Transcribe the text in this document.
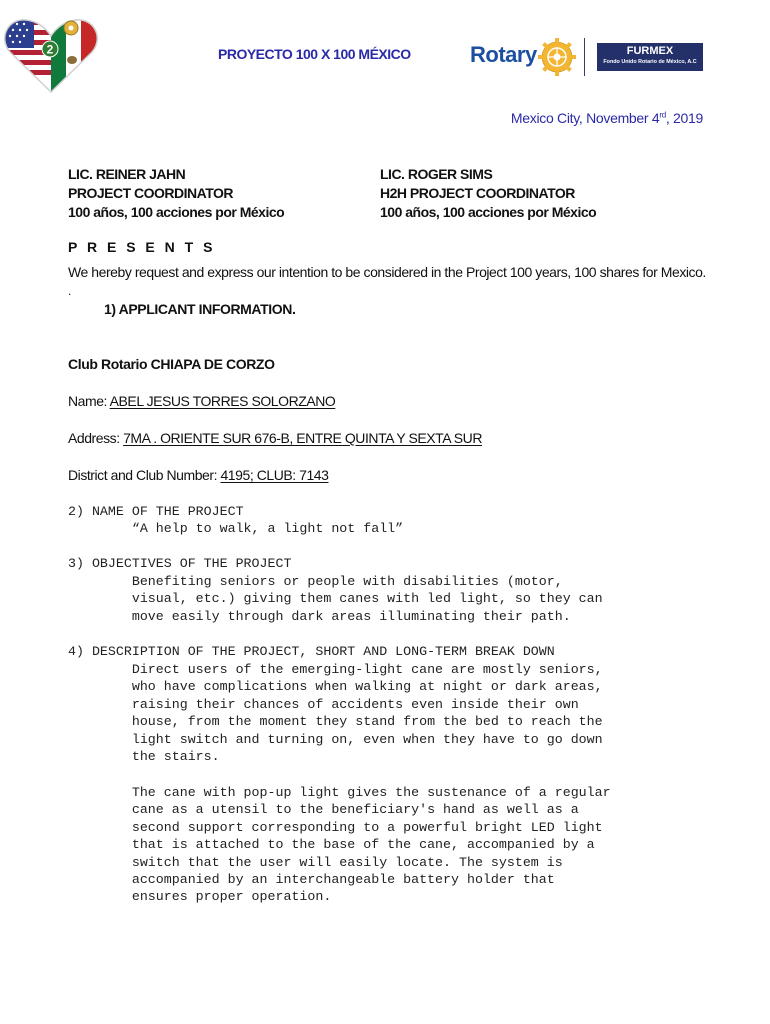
2	PROYECTO 100 X 100 MÉXICO	Rotary	FURMEX
Fondo Unido Rotario de México, A.C
Mexico City, November 4rd, 2019
LIC. REINER JAHN
PROJECT COORDINATOR
100 años, 100 acciones por México
LIC. ROGER SIMS
H2H PROJECT COORDINATOR
100 años, 100 acciones por México
P R E S E N T S
We hereby request and express our intention to be considered in the Project 100 years, 100 shares for Mexico.
.
1) APPLICANT INFORMATION.
Club Rotario CHIAPA DE CORZO
Name: ABEL JESUS TORRES SOLORZANO
Address: 7MA . ORIENTE SUR 676-B, ENTRE QUINTA Y SEXTA SUR
District and Club Number: 4195; CLUB: 7143
2) NAME OF THE PROJECT
“A help to walk, a light not fall”
3) OBJECTIVES OF THE PROJECT
Benefiting seniors or people with disabilities (motor,
visual, etc.) giving them canes with led light, so they can
move easily through dark areas illuminating their path.
4) DESCRIPTION OF THE PROJECT, SHORT AND LONG-TERM BREAK DOWN
Direct users of the emerging-light cane are mostly seniors,
who have complications when walking at night or dark areas,
raising their chances of accidents even inside their own
house, from the moment they stand from the bed to reach the
light switch and turning on, even when they have to go down
the stairs.
The cane with pop-up light gives the sustenance of a regular
cane as a utensil to the beneficiary's hand as well as a
second support corresponding to a powerful bright LED light
that is attached to the base of the cane, accompanied by a
switch that the user will easily locate. The system is
accompanied by an interchangeable battery holder that
ensures proper operation.
